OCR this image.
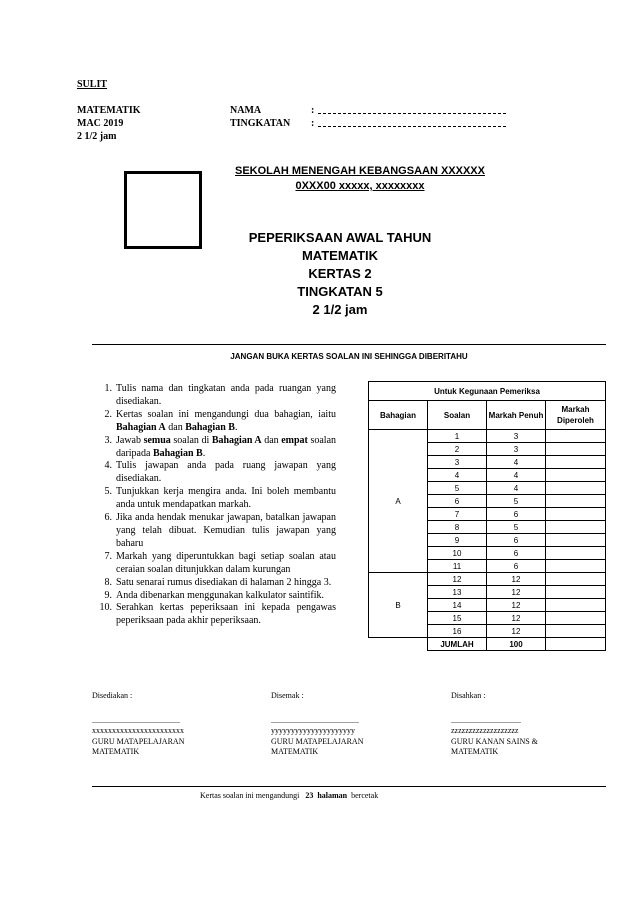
SULIT
MATEMATIK
MAC 2019
2 1/2 jam
NAMA
TINGKATAN
:
:
SEKOLAH MENENGAH KEBANGSAAN XXXXXX
0XXX00 xxxxx, xxxxxxxx
PEPERIKSAAN AWAL TAHUN
MATEMATIK
KERTAS 2
TINGKATAN 5
2 1/2 jam
JANGAN BUKA KERTAS SOALAN INI SEHINGGA DIBERITAHU
1. Tulis nama dan tingkatan anda pada ruangan yang disediakan.
2. Kertas soalan ini mengandungi dua bahagian, iaitu Bahagian A dan Bahagian B.
3. Jawab semua soalan di Bahagian A dan empat soalan daripada Bahagian B.
4. Tulis jawapan anda pada ruang jawapan yang disediakan.
5. Tunjukkan kerja mengira anda. Ini boleh membantu anda untuk mendapatkan markah.
6. Jika anda hendak menukar jawapan, batalkan jawapan yang telah dibuat. Kemudian tulis jawapan yang baharu
7. Markah yang diperuntukkan bagi setiap soalan atau ceraian soalan ditunjukkan dalam kurungan
8. Satu senarai rumus disediakan di halaman 2 hingga 3.
9. Anda dibenarkan menggunakan kalkulator saintifik.
10. Serahkan kertas peperiksaan ini kepada pengawas peperiksaan pada akhir peperiksaan.
Untuk Kegunaan Pemeriksa			
Bahagian	Soalan	Markah Penuh	Markah Diperoleh
A	1	3	
	2	3	
	3	4	
	4	4	
	5	4	
	6	5	
	7	6	
	8	5	
	9	6	
	10	6	
	11	6	
B	12	12	
	13	12	
	14	12	
	15	12	
	16	12	
	JUMLAH	100	
Disediakan :
............................................
xxxxxxxxxxxxxxxxxxxxxxx
GURU MATAPELAJARAN
MATEMATIK
Disemak :
............................................
yyyyyyyyyyyyyyyyyyyyy
GURU MATAPELAJARAN
MATEMATIK
Disahkan :
...................................
zzzzzzzzzzzzzzzzzzz
GURU KANAN SAINS &
MATEMATIK
Kertas soalan ini mengandungi 23 halaman bercetak
